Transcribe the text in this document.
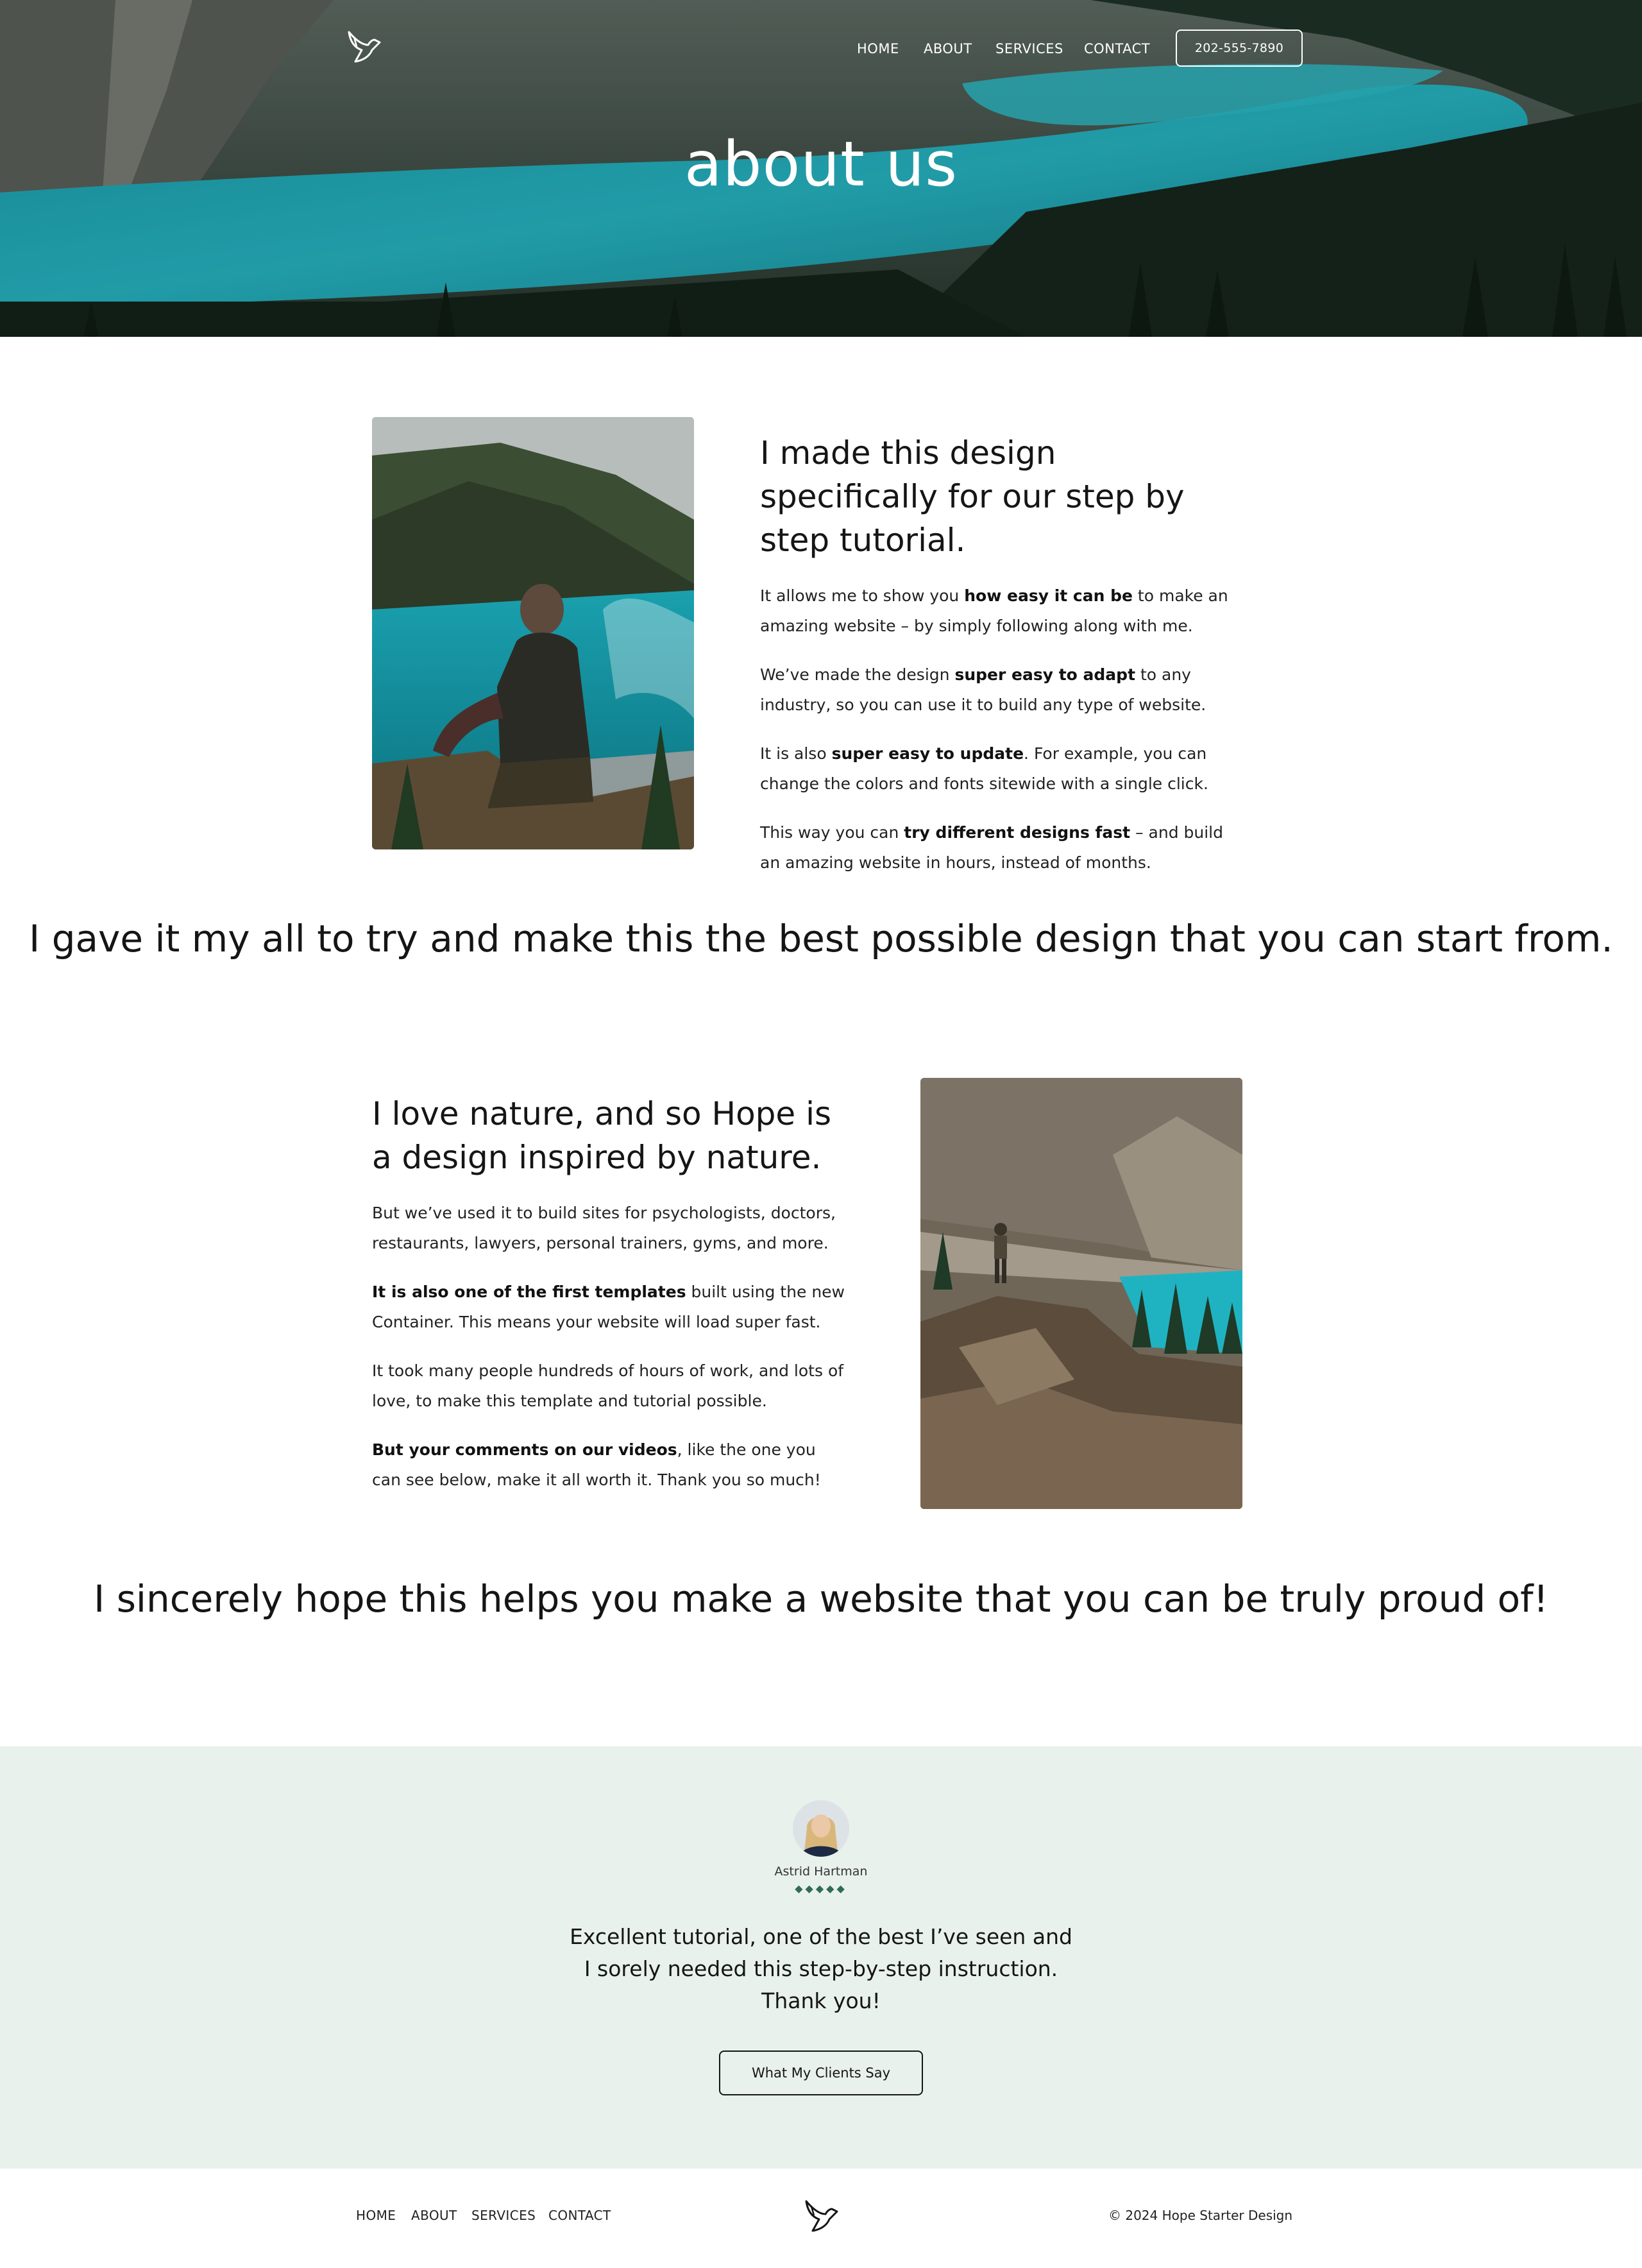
HOME ABOUT SERVICES CONTACT	202-555-7890
about us
I made this design specifically for our step by step tutorial.

It allows me to show you how easy it can be to make an amazing website – by simply following along with me.

We’ve made the design super easy to adapt to any industry, so you can use it to build any type of website.

It is also super easy to update. For example, you can change the colors and fonts sitewide with a single click.

This way you can try different designs fast – and build an amazing website in hours, instead of months.

I gave it my all to try and make this the best possible design that you can start from.
I love nature, and so Hope is a design inspired by nature.

But we’ve used it to build sites for psychologists, doctors, restaurants, lawyers, personal trainers, gyms, and more.

It is also one of the first templates built using the new Container. This means your website will load super fast.

It took many people hundreds of hours of work, and lots of love, to make this template and tutorial possible.

But your comments on our videos, like the one you can see below, make it all worth it. Thank you so much!

I sincerely hope this helps you make a website that you can be truly proud of!
Astrid Hartman
◆◆◆◆◆

Excellent tutorial, one of the best I’ve seen and I sorely needed this step-by-step instruction. Thank you!

What My Clients Say
HOME ABOUT SERVICES CONTACT	© 2024 Hope Starter Design
